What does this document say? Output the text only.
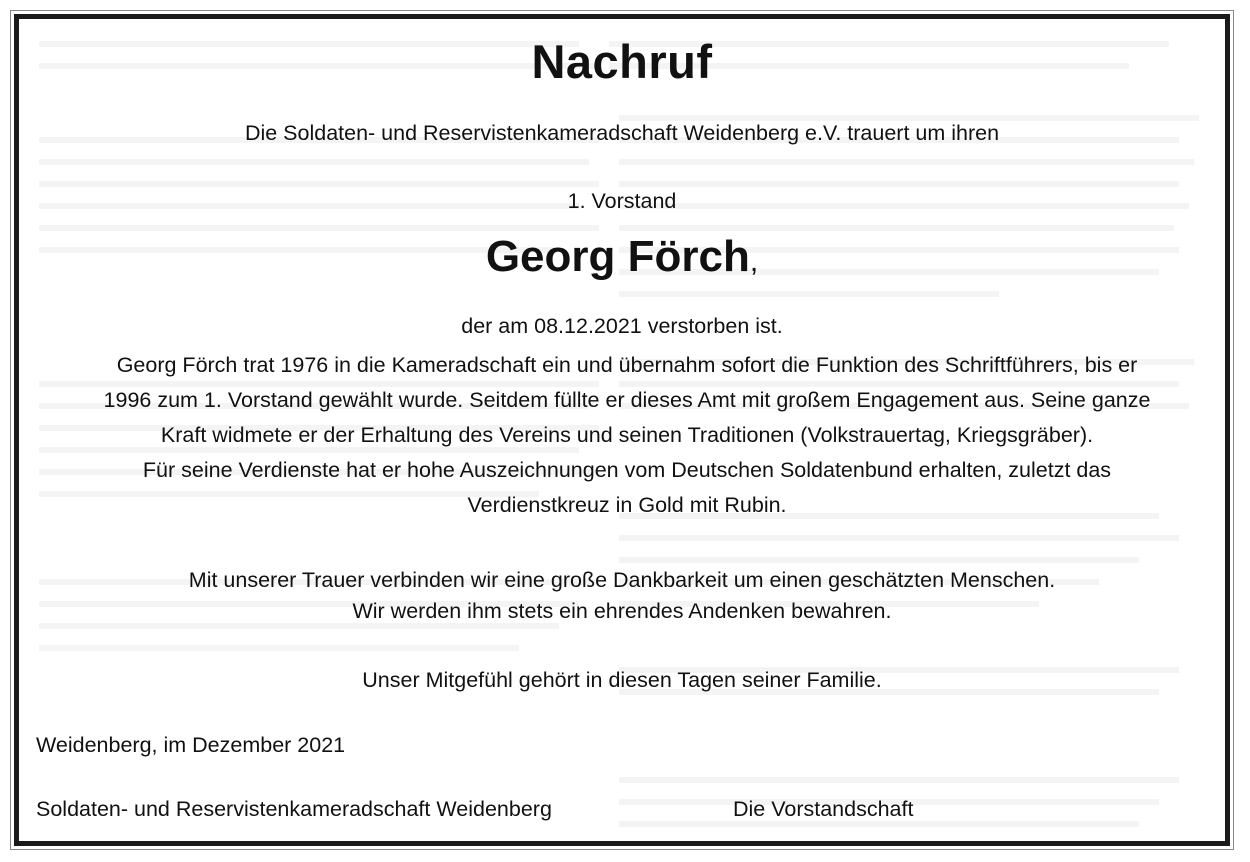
Nachruf
Die Soldaten- und Reservistenkameradschaft Weidenberg e.V. trauert um ihren
1. Vorstand
Georg Förch,
der am 08.12.2021 verstorben ist.
Georg Förch trat 1976 in die Kameradschaft ein und übernahm sofort die Funktion des Schriftführers, bis er
1996 zum 1. Vorstand gewählt wurde. Seitdem füllte er dieses Amt mit großem Engagement aus. Seine ganze
Kraft widmete er der Erhaltung des Vereins und seinen Traditionen (Volkstrauertag, Kriegsgräber).
Für seine Verdienste hat er hohe Auszeichnungen vom Deutschen Soldatenbund erhalten, zuletzt das
Verdienstkreuz in Gold mit Rubin.
Mit unserer Trauer verbinden wir eine große Dankbarkeit um einen geschätzten Menschen.
Wir werden ihm stets ein ehrendes Andenken bewahren.
Unser Mitgefühl gehört in diesen Tagen seiner Familie.
Weidenberg, im Dezember 2021
Soldaten- und Reservistenkameradschaft Weidenberg	Die Vorstandschaft
